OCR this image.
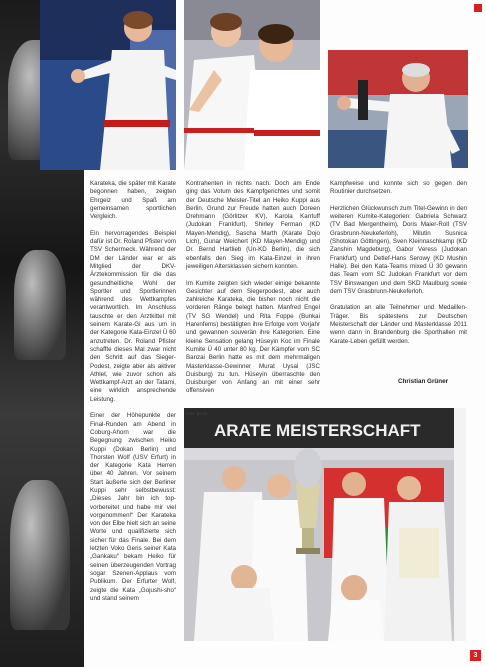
Karateka, die später mit Karate begonnen haben, zeigten Ehrgeiz und Spaß am gemeinsamen sportlichen Vergleich.

Ein hervorragendes Beispiel dafür ist Dr. Roland Pfister vom TSV Schermeck. Während der DM der Länder war er als Mitglied der DKV-Ärztekommission für die das gesundheitliche Wohl der Sportler und Sportlerinnen während des Wettkampfes verantwortlich. Im Anschluss tauschte er den Arztkittel mit seinem Karate-Gi aus um in der Kategorie Kata-Einzel Ü 60 anzutreten. Dr. Roland Pfister schaffte dieses Mal zwar nicht den Schritt auf das Sieger-Podest, zeigte aber als aktiver Athlet, wie zuvor schon als Wettkampf-Arzt an der Tatami, eine wirklich ansprechende Leistung.

Einer der Höhepunkte der Final-Runden am Abend in Coburg-Ahorn war die Begegnung zwischen Heiko Kuppi (Dokan Berlin) und Thorsten Wolf (USV Erfurt) in der Kategorie Kata Herren über 40 Jahren. Vor seinem Start äußerte sich der Berliner Kuppi sehr selbstbewusst: „Dieses Jahr bin ich top- vorbereitet und habe mir viel vorgenommen!“ Der Karateka von der Elbe hielt sich an seine Worte und qualifizierte sich sicher für das Finale. Bei dem letzten Voko Geris seiner Kata „Gankaku“ bekam Heiko für seinen überzeugenden Vortrag sogar Szenen-Applaus vom Publikum. Der Erfurter Wolf, zeigte die Kata „Gojushi-sho“ und stand seinem

Kontrahenten in nichts nach. Doch am Ende ging das Votum des Kampfgerichtes und somit der Deutsche Meister-Titel an Heiko Kuppi aus Berlin. Grund zur Freude hatten auch Doreen Drehmann (Görlitzer KV), Karola Karrluff (Judokan Frankfurt), Shirley Ferman (KD Mayen-Mendig), Sascha Marth (Karate Dojo Lich), Gunar Weichert (KD Mayen-Mendig) und Dr. Bernd Hartlieb (Un-KD Berlin), die sich ebenfalls den Sieg im Kata-Einzel in ihren jeweiligen Altersklassen sichern konnten.

Im Kumite zeigten sich wieder einige bekannte Gesichter auf dem Siegerpodest, aber auch zahlreiche Karateka, die bisher noch nicht die vorderen Ränge belegt hatten. Manfred Engel (TV SG Wendel) und Rita Foppe (Bunkai Harenfems) bestätigten ihre Erfolge vom Vorjahr und gewannen souverän ihre Kategorien. Eine kleine Sensation gelang Hüseyin Koc im Finale Kumite Ü 40 unter 80 kg. Der Kämpfer vom SC Banzai Berlin hatte es mit dem mehrmaligen Masterklasse-Gewinner Murat Uysal (JSC Duisburg) zu tun. Hüseyin überraschte den Duisburger von Anfang an mit einer sehr offensiven

Kampfweise und konnte sich so gegen den Routinier durchsetzen.

Herzlichen Glückwunsch zum Titel-Gewinn in den weiteren Kumite-Kategorien: Gabriela Schwarz (TV Bad Mergentheim), Doris Maier-Roll (TSV Grasbrunn-Neukeferloh), Milutin Susnica (Shotokan Göttingen), Sven Kleinnaschkamp (KD Zanshin Magdeburg), Gabor Veress (Judokan Frankfurt) und Detlef-Hans Serowy (KD Mushin Halle). Bei den Kata-Teams mixed Ü 30 gewann das Team vom SC Judokan Frankfurt vor dem TSV Binswangen und dem SKD Maulburg sowie dem TSV Grasbrunn-Neukeferloh.

Gratulation an alle Teilnehmer und Medaillen-Träger. Bis spätestens zur Deutschen Meisterschaft der Länder und Masterklasse 2011 wenn dann in Brandenburg die Sporthallen mit Karate-Leben gefüllt werden.

Christian Grüner
ARATE MEISTERSCHAFT
Foto: privat
3
